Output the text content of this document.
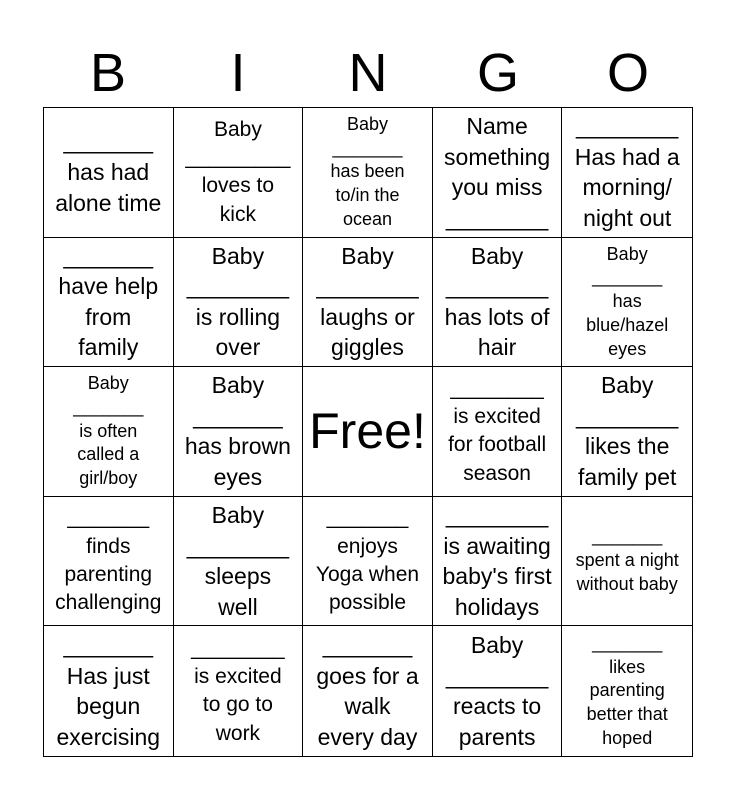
B	I	N	G	O
_______
has had
alone time
Baby
_________
loves to
kick
Baby
_______
has been
to/in the
ocean
Name
something
you miss
________
________
Has had a
morning/
night out
_______
have help
from
family
Baby
________
is rolling
over
Baby
________
laughs or
giggles
Baby
________
has lots of
hair
Baby
_______
has
blue/hazel
eyes
Baby
_______
is often
called a
girl/boy
Baby
_______
has brown
eyes
Free!
________
is excited
for football
season
Baby
________
likes the
family pet
_______
finds
parenting
challenging
Baby
________
sleeps
well
_______
enjoys
Yoga when
possible
________
is awaiting
baby's first
holidays
_______
spent a night
without baby
_______
Has just
begun
exercising
________
is excited
to go to
work
_______
goes for a
walk
every day
Baby
________
reacts to
parents
_______
likes
parenting
better that
hoped
